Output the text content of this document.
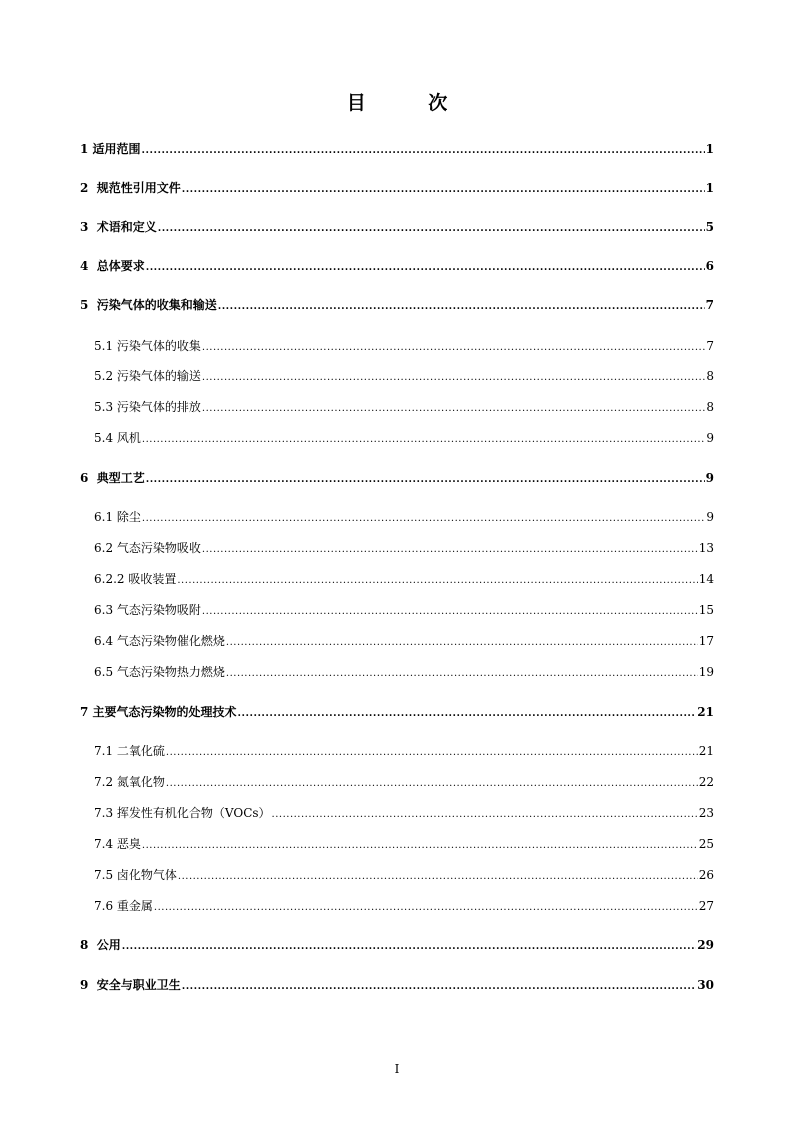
目 次
1 适用范围 .....	1
2  规范性引用文件 .....	1
3  术语和定义 .....	5
4  总体要求 .....	6
5  污染气体的收集和输送 .....	7
5.1 污染气体的收集 .....	7
5.2 污染气体的输送 .....	8
5.3 污染气体的排放 .....	8
5.4 风机 .....	9
6  典型工艺 .....	9
6.1 除尘 .....	9
6.2 气态污染物吸收 .....	13
6.2.2 吸收装置 .....	14
6.3 气态污染物吸附 .....	15
6.4 气态污染物催化燃烧 .....	17
6.5 气态污染物热力燃烧 .....	19
7 主要气态污染物的处理技术 .....	21
7.1 二氧化硫 .....	21
7.2 氮氧化物 .....	22
7.3 挥发性有机化合物（VOCs） .....	23
7.4 恶臭 .....	25
7.5 卤化物气体 .....	26
7.6 重金属 .....	27
8  公用 .....	29
9  安全与职业卫生 .....	30
I
